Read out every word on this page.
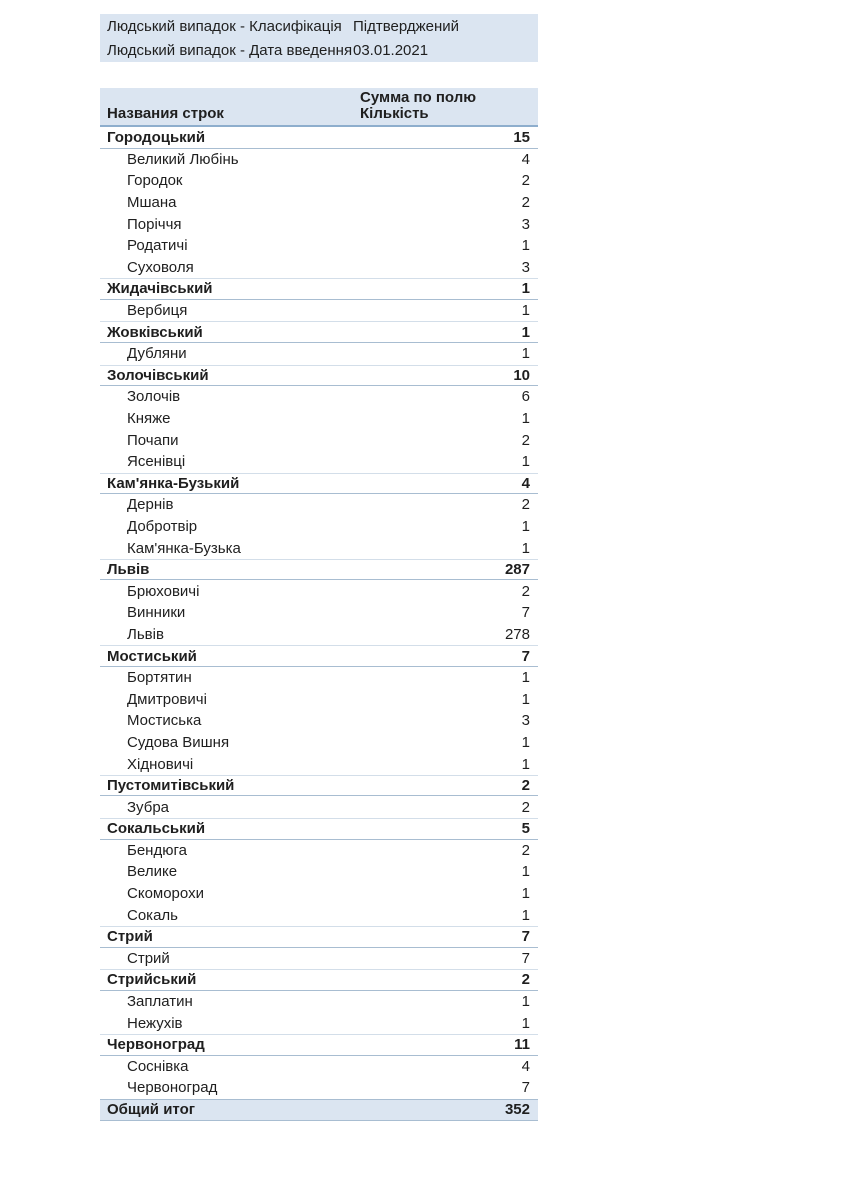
Людський випадок - Класифікація Підтверджений
Людський випадок - Дата введення 03.01.2021
Названия строк
Сумма по полю Кількість
Городоцький	15
Великий Любінь	4
Городок	2
Мшана	2
Поріччя	3
Родатичі	1
Суховоля	3
Жидачівський	1
Вербиця	1
Жовківський	1
Дубляни	1
Золочівський	10
Золочів	6
Княже	1
Почапи	2
Ясенівці	1
Кам'янка-Бузький	4
Дернів	2
Добротвір	1
Кам'янка-Бузька	1
Львів	287
Брюховичі	2
Винники	7
Львів	278
Мостиський	7
Бортятин	1
Дмитровичі	1
Мостиська	3
Судова Вишня	1
Хідновичі	1
Пустомитівський	2
Зубра	2
Сокальський	5
Бендюга	2
Велике	1
Скоморохи	1
Сокаль	1
Стрий	7
Стрий	7
Стрийський	2
Заплатин	1
Нежухів	1
Червоноград	11
Соснівка	4
Червоноград	7
Общий итог	352
